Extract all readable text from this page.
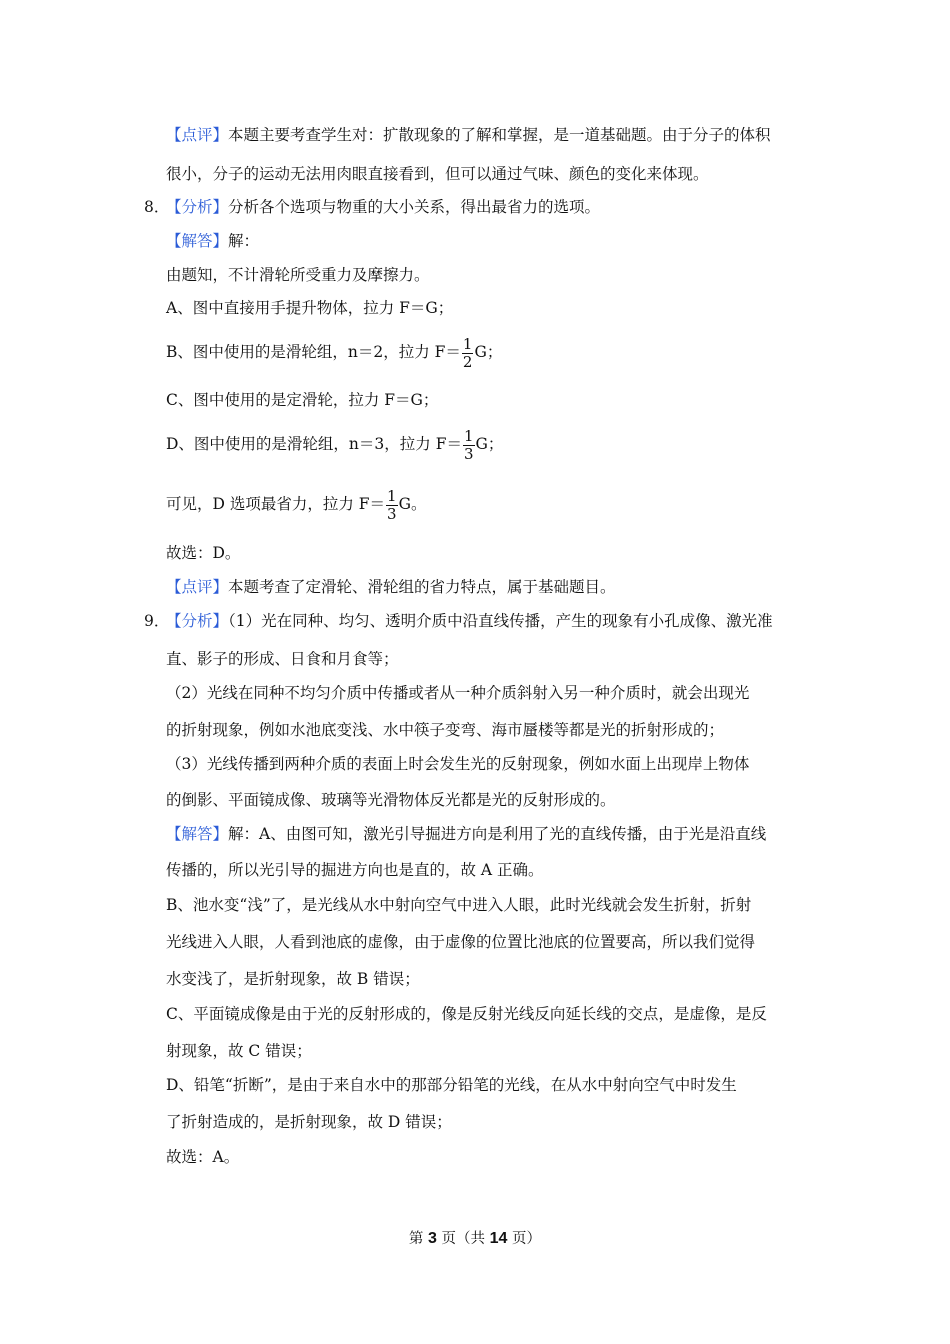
【点评】本题主要考查学生对：扩散现象的了解和掌握，是一道基础题。由于分子的体积
很小，分子的运动无法用肉眼直接看到，但可以通过气味、颜色的变化来体现。
8．
【分析】分析各个选项与物重的大小关系，得出最省力的选项。
【解答】解：
由题知，不计滑轮所受重力及摩擦力。
A、图中直接用手提升物体，拉力 F＝G；
B、图中使用的是滑轮组，n＝2，拉力 $F= \frac{1}{2}$ G；
C、图中使用的是定滑轮，拉力 F＝G；
D、图中使用的是滑轮组，n＝3，拉力 $F= \frac{1}{3}$ G；
可见，D 选项最省力，拉力 $F= \frac{1}{3}$ G。
故选：D。
【点评】本题考查了定滑轮、滑轮组的省力特点，属于基础题目。
9．
【分析】（1）光在同种、均匀、透明介质中沿直线传播，产生的现象有小孔成像、激光准
直、影子的形成、日食和月食等；
（2）光线在同种不均匀介质中传播或者从一种介质斜射入另一种介质时，就会出现光
的折射现象，例如水池底变浅、水中筷子变弯、海市蜃楼等都是光的折射形成的；
（3）光线传播到两种介质的表面上时会发生光的反射现象，例如水面上出现岸上物体
的倒影、平面镜成像、玻璃等光滑物体反光都是光的反射形成的。
【解答】解：A、由图可知，激光引导掘进方向是利用了光的直线传播，由于光是沿直线
传播的，所以光引导的掘进方向也是直的，故 A 正确。
B、池水变“浅”了，是光线从水中射向空气中进入人眼，此时光线就会发生折射，折射
光线进入人眼，人看到池底的虚像，由于虚像的位置比池底的位置要高，所以我们觉得
水变浅了，是折射现象，故 B 错误；
C、平面镜成像是由于光的反射形成的，像是反射光线反向延长线的交点，是虚像，是反
射现象，故 C 错误；
D、铅笔“折断”，是由于来自水中的那部分铅笔的光线，在从水中射向空气中时发生
了折射造成的，是折射现象，故 D 错误；
故选：A。
第 3 页（共 14 页）
